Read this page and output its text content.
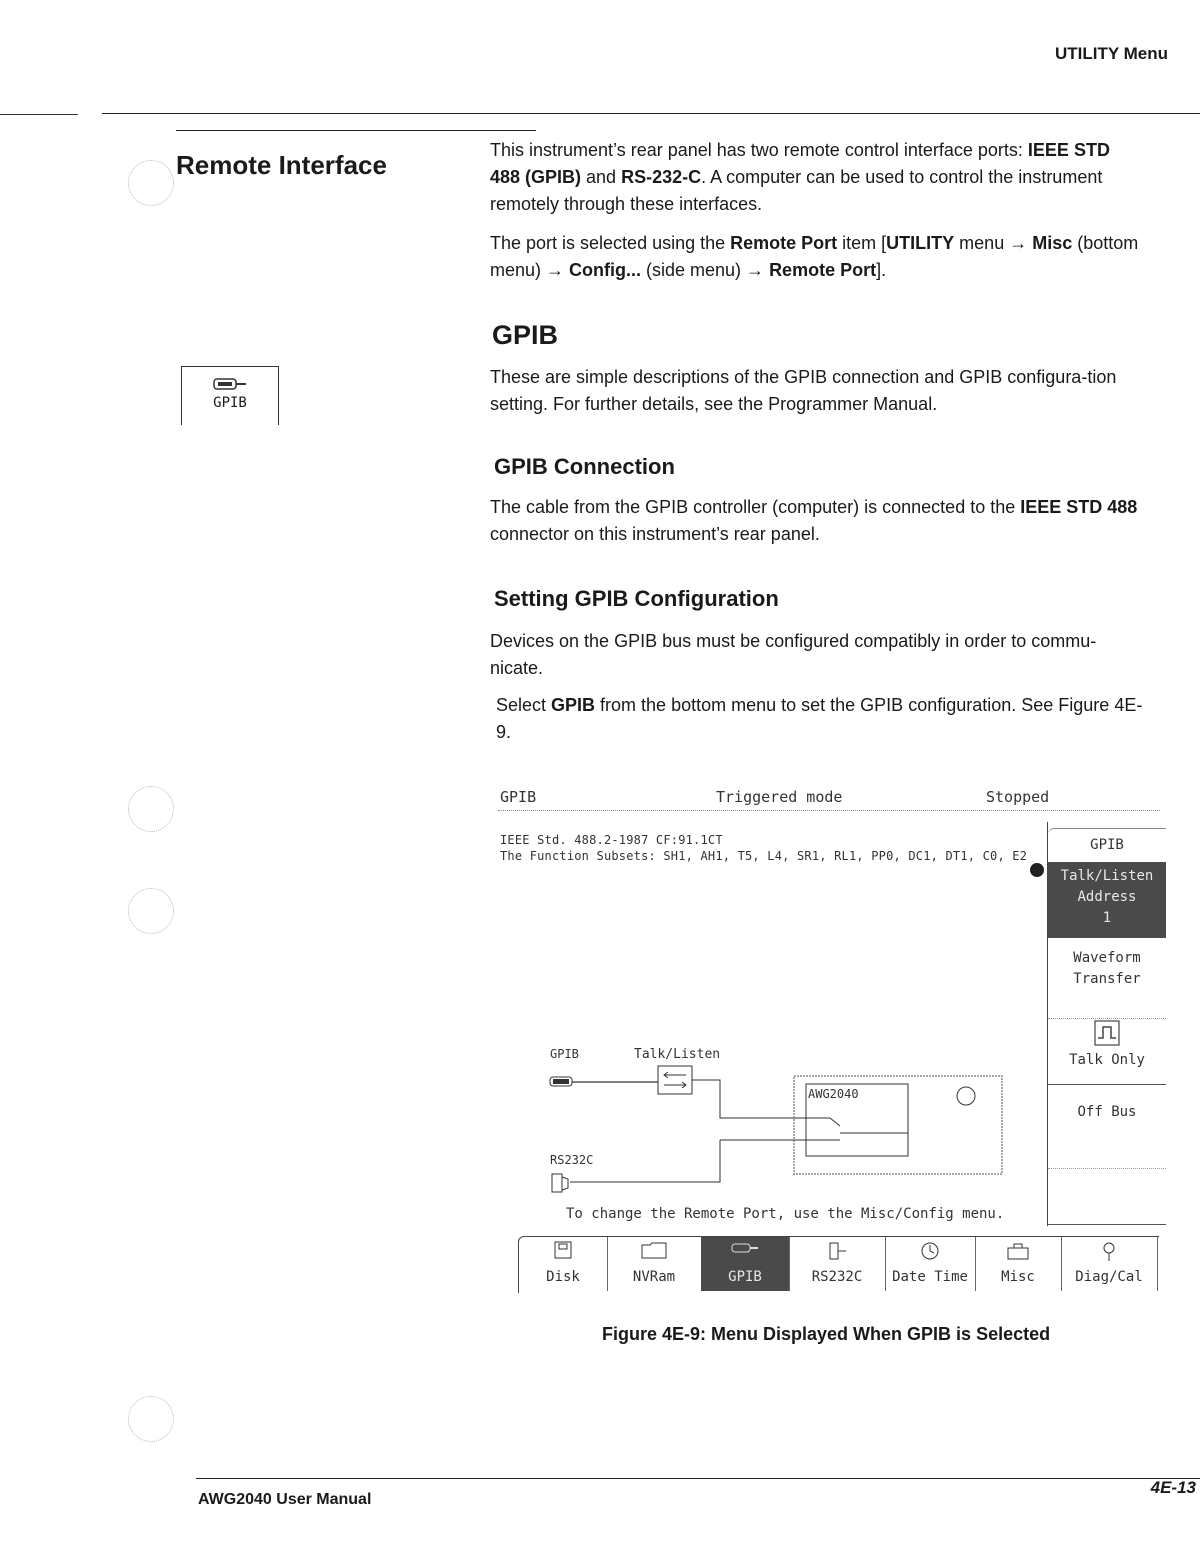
UTILITY Menu
Remote Interface
GPIB
This instrument’s rear panel has two remote control interface ports: IEEE STD 488 (GPIB) and RS-232-C. A computer can be used to control the instrument remotely through these interfaces.
The port is selected using the Remote Port item [UTILITY menu → Misc (bottom menu) → Config... (side menu) → Remote Port].
GPIB
These are simple descriptions of the GPIB connection and GPIB configura-tion setting. For further details, see the Programmer Manual.
GPIB Connection
The cable from the GPIB controller (computer) is connected to the IEEE STD 488 connector on this instrument’s rear panel.
Setting GPIB Configuration
Devices on the GPIB bus must be configured compatibly in order to commu-nicate.
Select GPIB from the bottom menu to set the GPIB configuration. See Figure 4E-9.
GPIB	Triggered mode	Stopped
IEEE Std. 488.2-1987 CF:91.1CT
The Function Subsets: SH1, AH1, T5, L4, SR1, RL1, PP0, DC1, DT1, C0, E2
GPIB
Talk/Listen
Address
1
Waveform
Transfer
Talk Only
Off Bus
GPIB	Talk/Listen
AWG2040
RS232C
To change the Remote Port, use the Misc/Config menu.
Disk	NVRam	GPIB	RS232C	Date Time	Misc	Diag/Cal
Figure 4E-9: Menu Displayed When GPIB is Selected
AWG2040 User Manual
4E-13
